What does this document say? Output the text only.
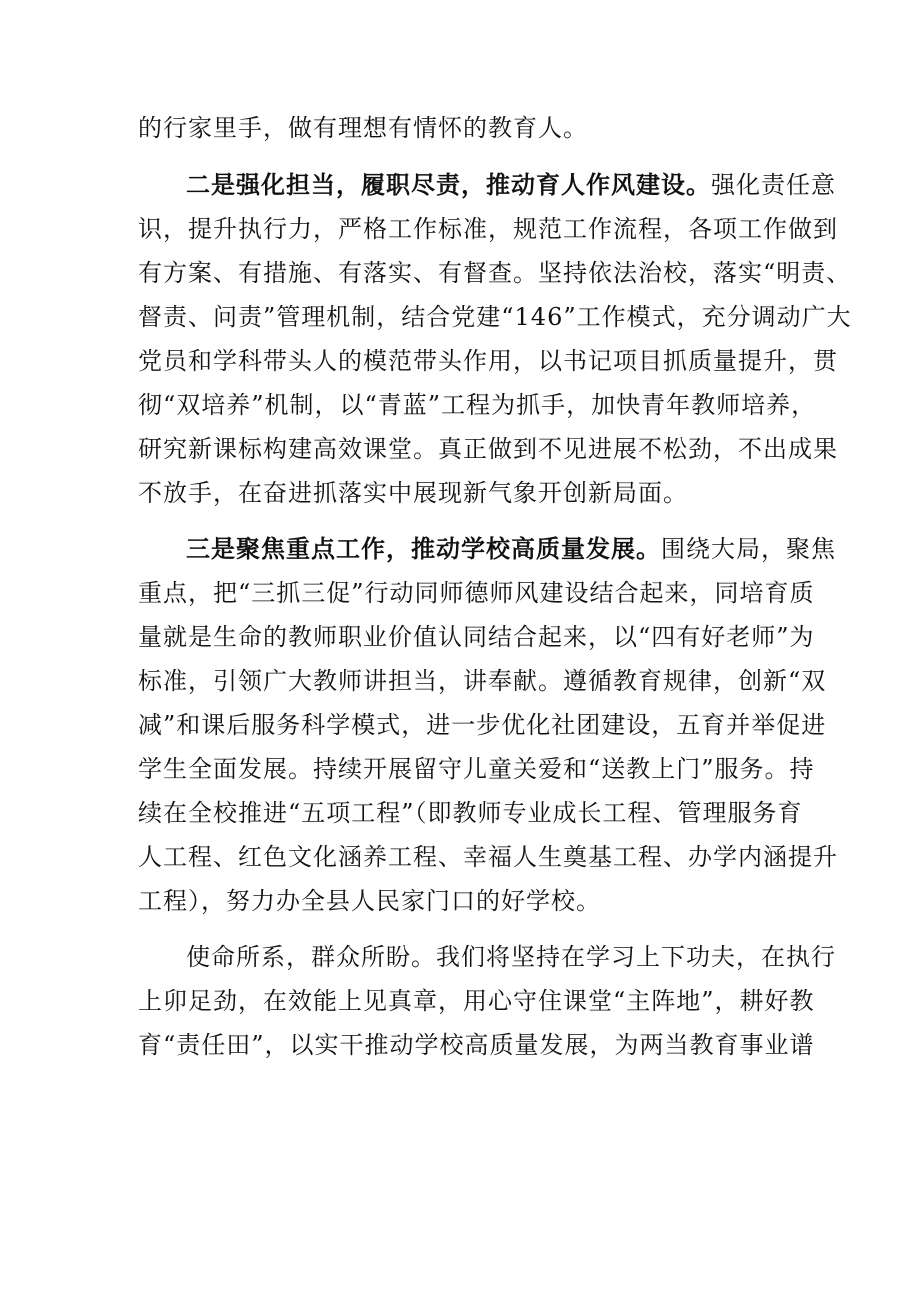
的行家里手，做有理想有情怀的教育人。
二是强化担当，履职尽责，推动育人作风建设。强化责任意
识，提升执行力，严格工作标准，规范工作流程，各项工作做到
有方案、有措施、有落实、有督查。坚持依法治校，落实“明责、
督责、问责”管理机制，结合党建“146”工作模式，充分调动广大
党员和学科带头人的模范带头作用，以书记项目抓质量提升，贯
彻“双培养”机制，以“青蓝”工程为抓手，加快青年教师培养，
研究新课标构建高效课堂。真正做到不见进展不松劲，不出成果
不放手，在奋进抓落实中展现新气象开创新局面。
三是聚焦重点工作，推动学校高质量发展。围绕大局，聚焦
重点，把“三抓三促”行动同师德师风建设结合起来，同培育质
量就是生命的教师职业价值认同结合起来，以“四有好老师”为
标准，引领广大教师讲担当，讲奉献。遵循教育规律，创新“双
减”和课后服务科学模式，进一步优化社团建设，五育并举促进
学生全面发展。持续开展留守儿童关爱和“送教上门”服务。持
续在全校推进“五项工程”（即教师专业成长工程、管理服务育
人工程、红色文化涵养工程、幸福人生奠基工程、办学内涵提升
工程），努力办全县人民家门口的好学校。
使命所系，群众所盼。我们将坚持在学习上下功夫，在执行
上卯足劲，在效能上见真章，用心守住课堂“主阵地”，耕好教
育“责任田”，以实干推动学校高质量发展，为两当教育事业谱
